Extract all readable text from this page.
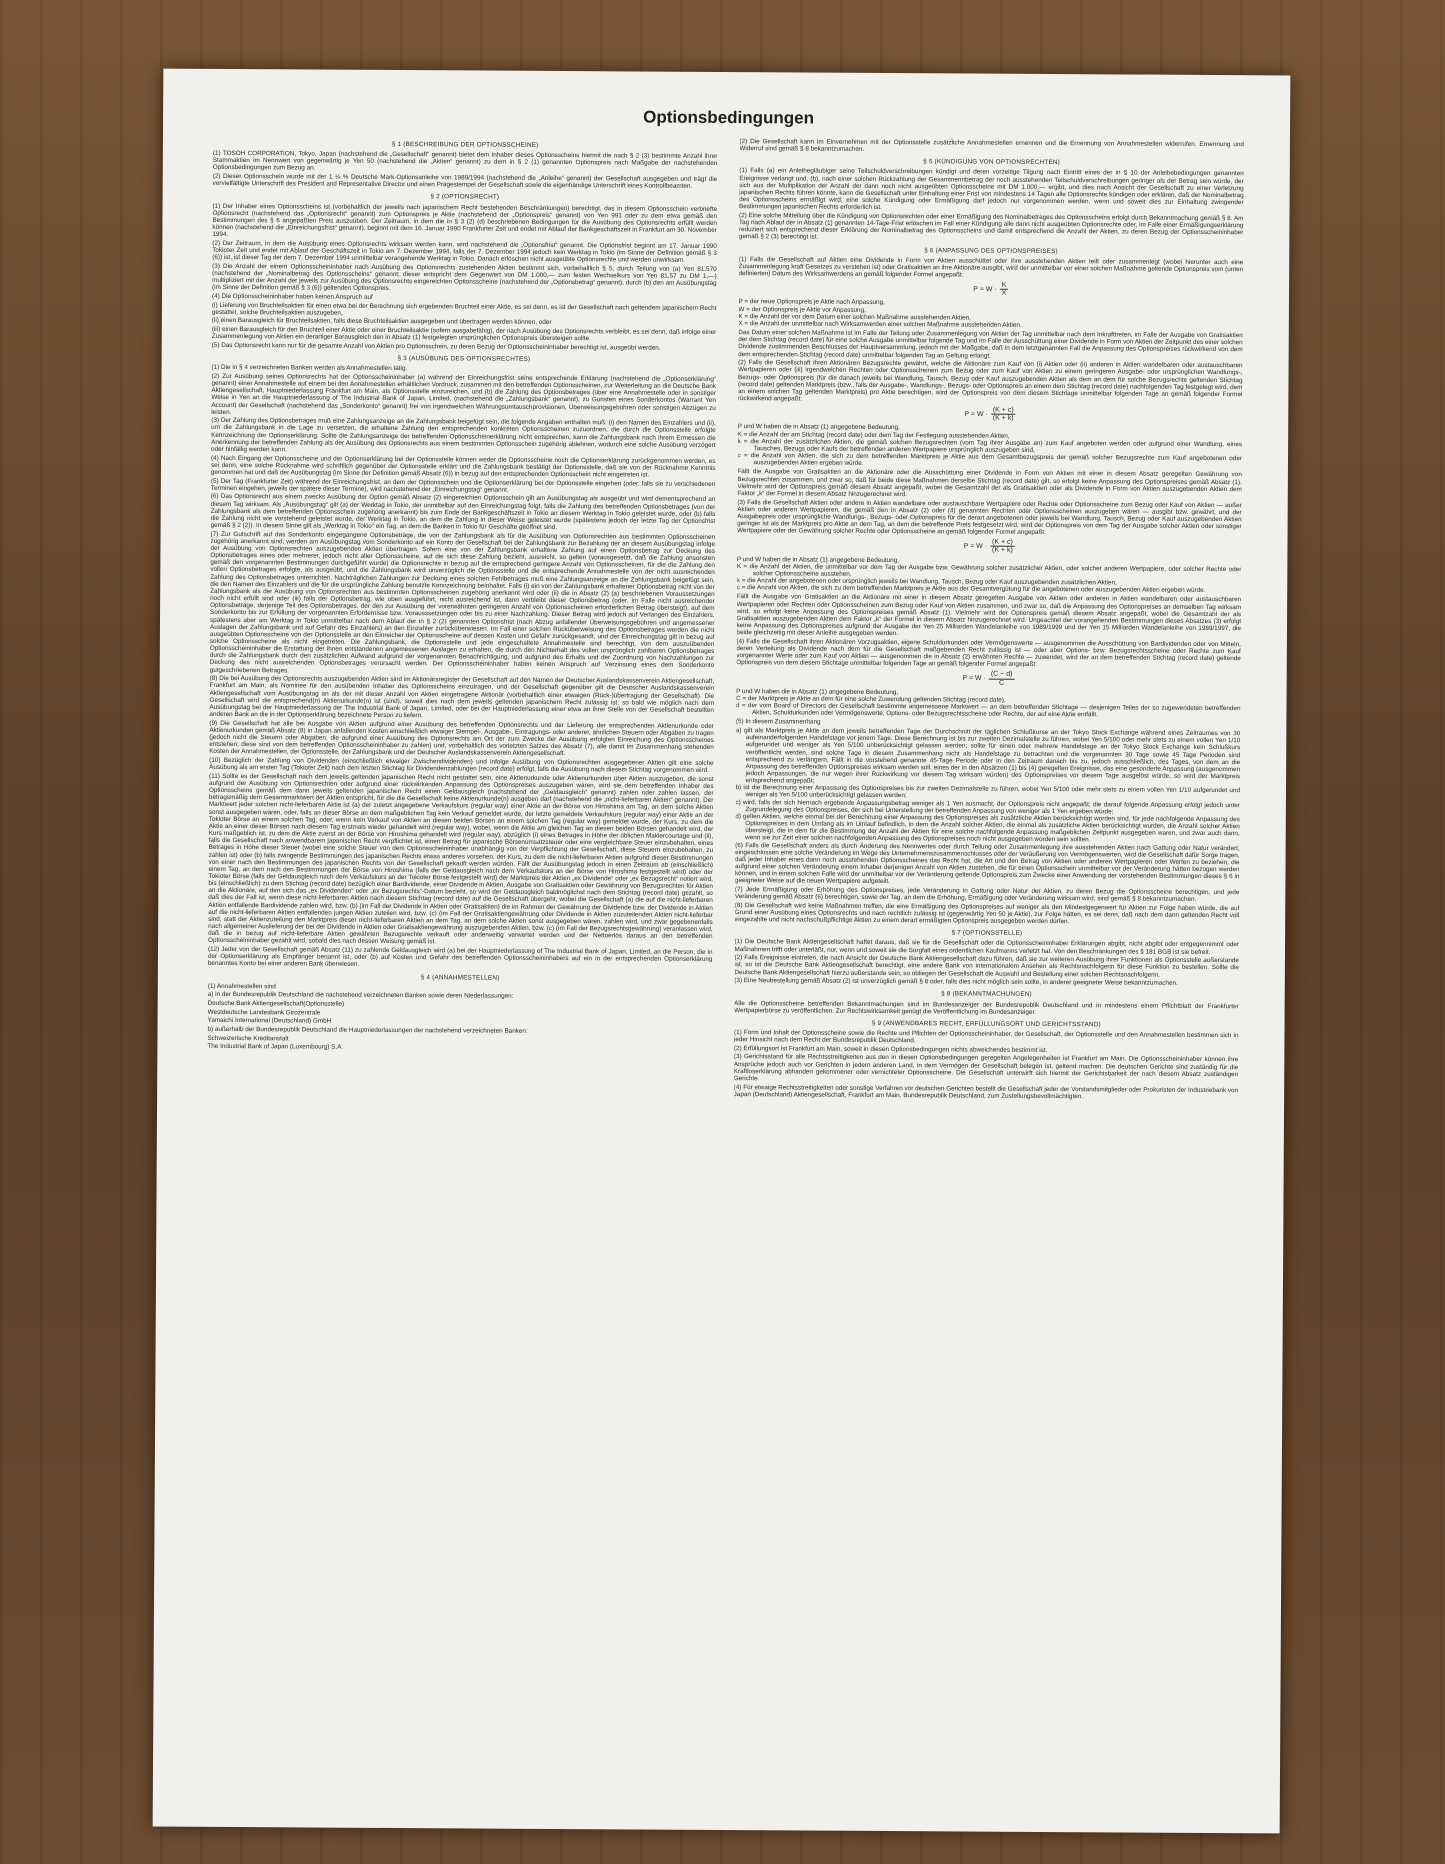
Optionsbedingungen
§ 1 (BESCHREIBUNG DER OPTIONSSCHEINE)
(1) TOSOH CORPORATION, Tokyo, Japan (nachstehend die „Gesellschaft“ genannt) bietet dem Inhaber dieses Optionsscheins hiermit die nach § 2 (3) bestimmte Anzahl ihrer Stammaktien im Nennwert von gegenwärtig je Yen 50 (nachstehend die „Aktien“ genannt) zu dem in § 2 (1) genannten Optionspreis nach Maßgabe der nachstehenden Optionsbedingungen zum Bezug an.
(2) Dieser Optionsschein wurde mit der 1 ⅛ % Deutsche Mark-Optionsanleihe von 1989/1994 (nachstehend die „Anleihe“ genannt) der Gesellschaft ausgegeben und trägt die vervielfältigte Unterschrift des President and Representative Director und einen Prägestempel der Gesellschaft sowie die eigenhändige Unterschrift eines Kontrollbeamten.
§ 2 (OPTIONSRECHT)
(1) Der Inhaber eines Optionsscheins ist (vorbehaltlich der jeweils nach japanischem Recht bestehenden Beschränkungen) berechtigt, das in diesem Optionsschein verbriefte Optionsrecht (nachstehend das „Optionsrecht“ genannt) zum Optionspreis je Aktie (nachstehend der „Optionspreis“ genannt) von Yen 991 oder zu dem etwa gemäß den Bestimmungen des § 6 angepaßten Preis auszuüben. Der Zeitraum, in dem die in § 3 (2) (d) beschriebenen Bedingungen für die Ausübung des Optionsrechts erfüllt werden können (nachstehend die „Einreichungsfrist“ genannt), beginnt mit dem 16. Januar 1990 Frankfurter Zeit und endet mit Ablauf der Bankgeschäftszeit in Frankfurt am 30. November 1994.
(2) Der Zeitraum, in dem die Ausübung eines Optionsrechts wirksam werden kann, wird nachstehend die „Optionsfrist“ genannt. Die Optionsfrist beginnt am 17. Januar 1990 Tokioter Zeit und endet mit Ablauf der Geschäftszeit in Tokio am 7. Dezember 1994, falls der 7. Dezember 1994 jedoch kein Werktag in Tokio (im Sinne der Definition gemäß § 3 (6)) ist, ist dieser Tag der dem 7. Dezember 1994 unmittelbar vorangehende Werktag in Tokio. Danach erlöschen nicht ausgeübte Optionsrechte und werden unwirksam.
(3) Die Anzahl der einem Optionsscheininhaber nach Ausübung des Optionsrechts zustehenden Aktien bestimmt sich, vorbehaltlich § 5, durch Teilung von (a) Yen 81.570 (nachstehend der „Nominalbetrag des Optionsscheins“ genannt; dieser entspricht dem Gegenwert von DM 1.000,— zum festen Wechselkurs von Yen 81,57 zu DM 1,—) multipliziert mit der Anzahl der jeweils zur Ausübung des Optionsrechts eingereichten Optionsscheine (nachstehend der „Optionsbetrag“ genannt), durch (b) den am Ausübungstag (im Sinne der Definition gemäß § 3 (6)) geltenden Optionspreis.
(4) Die Optionsscheininhaber haben keinen Anspruch auf
(i) Lieferung von Bruchteilsaktien für einen etwa bei der Berechnung sich ergebenden Bruchteil einer Aktie, es sei denn, es ist der Gesellschaft nach geltendem japanischem Recht gestattet, solche Bruchteilsaktien auszugeben,
(ii) einen Barausgleich für Bruchteilsaktien, falls diese Bruchteilsaktien ausgegeben und übertragen werden können, oder
(iii) einen Barausgleich für den Bruchteil einer Aktie oder einer Bruchteilsaktie (sofern ausgabefähig), der nach Ausübung des Optionsrechts verbleibt, es sei denn, daß infolge einer Zusammenlegung von Aktien ein derartiger Barausgleich den in Absatz (1) festgelegten ursprünglichen Optionspreis übersteigen sollte.
(5) Das Optionsrecht kann nur für die gesamte Anzahl von Aktien pro Optionsschein, zu deren Bezug der Optionsscheininhaber berechtigt ist, ausgeübt werden.
§ 3 (AUSÜBUNG DES OPTIONSRECHTES)
(1) Die in § 4 verzeichneten Banken werden als Annahmestellen tätig.
(2) Zur Ausübung seines Optionsrechts hat der Optionsscheininhaber (a) während der Einreichungsfrist seine entsprechende Erklärung (nachstehend die „Optionserklärung“ genannt) einer Annahmestelle auf einem bei den Annahmestellen erhältlichen Vordruck, zusammen mit den betreffenden Optionsscheinen, zur Weiterleitung an die Deutsche Bank Aktiengesellschaft, Hauptniederlassung Frankfurt am Main, als Optionsstelle einzureichen, und (b) die Zahlung des Optionsbetrages (über eine Annahmestelle oder in sonstiger Weise in Yen an die Hauptniederlassung of The Industrial Bank of Japan, Limited, (nachstehend die „Zahlungsbank“ genannt), zu Gunsten eines Sonderkontos (Warrant Yen Account) der Gesellschaft (nachstehend das „Sonderkonto“ genannt) frei von irgendwelchen Währungsumtauschprovisionen, Überweisungsgebühren oder sonstigen Abzügen zu leisten.
(3) Der Zahlung des Optionsbetrages muß eine Zahlungsanzeige an die Zahlungsbank beigefügt sein, die folgende Angaben enthalten muß: (i) den Namen des Einzahlers und (ii), um die Zahlungsbank in die Lage zu versetzen, die erhaltene Zahlung den entsprechenden konkreten Optionsscheinen zuzuordnen, die durch die Optionsstelle erfolgte Kennzeichnung der Optionserklärung. Sollte die Zahlungsanzeige der betreffenden Optionsscheinerklärung nicht entsprechen, kann die Zahlungsbank nach ihrem Ermessen die Anerkennung der betreffenden Zahlung als der Ausübung des Optionsrechts aus einem bestimmten Optionsschein zugehörig ablehnen, wodurch eine solche Ausübung verzögert oder hinfällig werden kann.
(4) Nach Eingang der Optionsscheine und der Optionserklärung bei der Optionsstelle können weder die Optionsscheine noch die Optionserklärung zurückgenommen werden, es sei denn, eine solche Rücknahme wird schriftlich gegenüber der Optionsstelle erklärt und die Zahlungsbank bestätigt der Optionsstelle, daß sie von der Rücknahme Kenntnis genommen hat und daß der Ausübungstag (im Sinne der Definition gemäß Absatz (6)) in bezug auf den entsprechenden Optionsschein nicht eingetreten ist.
(5) Der Tag (Frankfurter Zeit) während der Einreichungsfrist, an dem der Optionsschein und die Optionserklärung bei der Optionsstelle eingehen (oder, falls sie zu verschiedenen Terminen eingehen, jeweils der spätere dieser Termine), wird nachstehend der „Einreichungstag“ genannt.
(6) Das Optionsrecht aus einem zwecks Ausübung der Option gemäß Absatz (2) eingereichten Optionsschein gilt am Ausübungstag als ausgeübt und wird dementsprechend an diesem Tag wirksam. Als „Ausübungstag“ gilt (a) der Werktag in Tokio, der unmittelbar auf den Einreichungstag folgt, falls die Zahlung des betreffenden Optionsbetrages (von der Zahlungsbank als dem betreffenden Optionsschein zugehörig anerkannt) bis zum Ende der Bankgeschäftszeit in Tokio an diesem Werktag in Tokio geleistet wurde, oder (b) falls die Zahlung nicht wie vorstehend geleistet wurde, der Werktag in Tokio, an dem die Zahlung in dieser Weise geleistet wurde (spätestens jedoch der letzte Tag der Optionsfrist gemäß § 2 (2)). In diesem Sinne gilt als „Werktag in Tokio“ ein Tag, an dem die Banken in Tokio für Geschäfte geöffnet sind.
(7) Zur Gutschrift auf das Sonderkonto eingegangene Optionsbeträge, die von der Zahlungsbank als für die Ausübung von Optionsrechten aus bestimmten Optionsscheinen zugehörig anerkannt sind, werden am Ausübungstag vom Sonderkonto auf ein Konto der Gesellschaft bei der Zahlungsbank zur Bezahlung der an diesem Ausübungstag infolge der Ausübung von Optionsrechten auszugebenden Aktien übertragen. Sofern eine von der Zahlungsbank erhaltene Zahlung auf einen Optionsbetrag zur Deckung des Optionsbetrages eines oder mehrerer, jedoch nicht aller Optionsscheine, auf die sich diese Zahlung bezieht, ausreicht, so gelten (vorausgesetzt, daß die Zahlung ansonsten gemäß den vorgenannten Bestimmungen durchgeführt wurde) die Optionsrechte in bezug auf die entsprechend geringere Anzahl von Optionsscheinen, für die die Zahlung den vollen Optionsbetrages erfolgte, als ausgeübt, und die Zahlungsbank wird unverzüglich die Optionsstelle und die entsprechende Annahmestelle von der nicht ausreichenden Zahlung des Optionsbetrages unterrichten. Nachträglichen Zahlungen zur Deckung eines solchen Fehlbetrages muß eine Zahlungsanzeige an die Zahlungsbank beigefügt sein, die den Namen des Einzahlers und die für die ursprüngliche Zahlung benutzte Kennzeichnung beinhaltet. Falls (i) ein von der Zahlungsbank erhaltener Optionsbetrag nicht von der Zahlungsbank als der Ausübung von Optionsrechten aus bestimmten Optionsscheinen zugehörig anerkannt wird oder (ii) die in Absatz (2) (a) beschriebenen Voraussetzungen noch nicht erfüllt sind oder (iii) falls der Optionsbetrag, wie oben ausgeführt, nicht ausreichend ist, dann verbleibt dieser Optionsbetrag (oder, im Falle nicht ausreichender Optionsbeträge, derjenige Teil des Optionsbetrages, der den zur Ausübung der vorerwähnten geringeren Anzahl von Optionsscheinen erforderlichen Betrag übersteigt), auf dem Sonderkonto bis zur Erfüllung der vorgenannten Erfordernisse bzw. Vorausssetzungen oder bis zu einer Nachzahlung. Dieser Betrag wird jedoch auf Verlangen des Einzahlers, spätestens aber am Werktag in Tokio unmittelbar nach dem Ablauf der in § 2 (2) genannten Optionsfrist (nach Abzug anfallender Überweisungsgebühren und angemessener Auslagen der Zahlungsbank und auf Gefahr des Einzahlers) an den Einzahler zurücküberwiesen. Im Fall einer solchen Rücküberweisung des Optionsbetrages werden die nicht ausgeübten Optionsscheine von der Optionsstelle an den Einreicher der Optionsscheine auf dessen Kosten und Gefahr zurückgesandt, und der Einreichungstag gilt in bezug auf solche Optionsscheine als nicht eingetreten. Die Zahlungsbank, die Optionsstelle und jede eingeschaltete Annahmestelle sind berechtigt, von dem auszuübenden Optionsscheininhaber die Erstattung der ihnen entstandenen angemessenen Auslagen zu erhalten, die durch den Nichterhalt des vollen ursprünglich zahlbaren Optionsbetrages durch die Zahlungsbank durch den zusätzlichen Aufwand aufgrund der vorgenannten Benachrichtigung, und aufgrund des Erhalts und der Zuordnung von Nachzahlungen zur Deckung des nicht ausreichenden Optionsbetrages verursacht werden. Der Optionsscheininhaber haben keinen Anspruch auf Verzinsung eines dem Sonderkonto gutgeschriebenen Betrages.
(8) Die bei Ausübung des Optionsrechts auszugebenden Aktien sind im Aktionärsregister der Gesellschaft auf den Namen der Deutscher Auslandskassenverein Aktiengesellschaft, Frankfurt am Main, als Nominee für den ausübenden Inhaber des Optionsscheins einzutragen, und der Gesellschaft gegenüber gilt die Deutscher Auslandskassenverein Aktiengesellschaft vom Ausübungstag an als der mit dieser Anzahl von Aktien eingetragene Aktionär (vorbehaltlich einer etwaigen (Rück-)übertragung der Gesellschaft). Die Gesellschaft wird die entsprechend(n) Aktienurkunde(n) ist (sind), soweit dies nach dem jeweils geltenden japanischem Recht zulässig ist, so bald wie möglich nach dem Ausübungstag bei der Hauptniederlassung der The Industrial Bank of Japan, Limited, oder bei der Hauptniederlassung einer etwa an ihrer Stelle von der Gesellschaft bestellten anderen Bank an die in der Optionserklärung bezeichnete Person zu liefern.
(9) Die Gesellschaft hat alle bei Ausgabe von Aktien aufgrund einer Ausübung des betreffenden Optionsrechts und der Lieferung der entsprechenden Aktienurkunde oder Aktienurkunden gemäß Absatz (8) in Japan anfallenden Kosten einschließlich etwaiger Stempel-, Ausgabe-, Eintragungs- oder anderer, ähnlichen Steuern oder Abgaben zu tragen (jedoch nicht die Steuern oder Abgaben, die aufgrund einer Ausübung des Optionsrechts am Ort der zum Zwecke der Ausübung erfolgten Einreichung des Optionsscheines entstehen; diese sind von dem betreffenden Optionsscheininhaber zu zahlen) und, vorbehaltlich des vorletzten Satzes des Absatz (7), alle damit im Zusammenhang stehenden Kosten der Annahmestellen, der Optionsstelle, der Zahlungsbank und der Deutscher Auslandskassenverein Aktiengesellschaft.
(10) Bezüglich der Zahlung von Dividenden (einschließlich etwaiger Zwischendividenden) und infolge Ausübung von Optionsrechten ausgegebener Aktien gilt eine solche Ausübung als am ersten Tag (Tokioter Zeit) nach dem letzten Stichtag für Dividendenzahlungen (record date) erfolgt, falls die Ausübung nach diesem Stichtag vorgenommen wird.
(11) Sollte es der Gesellschaft nach dem jeweils geltenden japanischen Recht nicht gestattet sein, eine Aktienurkunde oder Aktienurkunden über Aktien auszugeben, die sonst aufgrund der Ausübung von Optionsrechten oder aufgrund einer rückwirkenden Anpassung des Optionspreises auszugeben wären, wird sie dem betreffenden Inhaber des Optionsscheins gemäß dem dann jeweils geltenden japanischen Recht einen Geldausgleich (nachstehend der „Geldausgleich“ genannt) zahlen oder zahlen lassen, der betragsmäßig dem Gesamtmarktwert der Aktien entspricht, für die die Gesellschaft keine Aktienurkunde(n) ausgeben darf (nachstehend die „nicht-lieferbaren Aktien“ genannt). Der Marktwert jeder solchen nicht-lieferbaren Aktie ist (a) der zuletzt angegebene Verkaufskurs (regular way) einer Aktie an der Börse von Hiroshima am Tag, an dem solche Aktien sonst ausgegeben wären, oder, falls an dieser Börse an dem maßgeblichen Tag kein Verkauf gemeldet wurde, der letzte gemeldete Verkaufskurs (regular way) einer Aktie an der Tokioter Börse an einem solchen Tag, oder, wenn kein Verkauf von Aktien an diesen beiden Börsen an einem solchen Tag (regular way) gemeldet wurde, der Kurs, zu dem die Aktie an einer dieser Börsen nach diesem Tag erstmals wieder gehandelt wird (regular way), wobei, wenn die Aktie am gleichen Tag an diesen beiden Börsen gehandelt wird, der Kurs maßgeblich ist, zu dem die Aktie zuerst an der Börse von Hiroshima gehandelt wird (regular way), abzüglich (i) eines Betrages in Höhe der üblichen Maklercourtage und (ii), falls die Gesellschaft nach anwendbarem japanischen Recht verpflichtet ist, einen Betrag für japanische Börsenumsatzsteuer oder eine vergleichbare Steuer einzubehalten, eines Betrages in Höhe dieser Steuer (wobei eine solche Steuer von dem Optionsscheininhaber unabhängig von der Verpflichtung der Gesellschaft, diese Steuern einzubehalten, zu zahlen ist) oder (b) falls zwingende Bestimmungen des japanischen Rechts etwas anderes vorsehen, der Kurs, zu dem die nicht-lieferbaren Aktien aufgrund dieser Bestimmungen von einer nach den Bestimmungen des japanischen Rechts von der Gesellschaft gekauft werden würden. Fällt der Ausübungstag jedoch in einen Zeitraum ab (einschließlich) einem Tag, an dem nach den Bestimmungen der Börse von Hiroshima (falls der Geldausgleich nach dem Verkaufskurs an der Börse von Hiroshima festgestellt wird) oder der Tokioter Börse (falls der Geldausgleich nach dem Verkaufskurs an der Tokioter Börse festgestellt wird) der Marktpreis der Aktien „ex Dividende“ oder „ex Bezugsrecht“ notiert wird, bis (einschließlich) zu dem Stichtag (record date) bezüglich einer Bardividende, einer Dividende in Aktien, Ausgabe von Gratisaktien oder Gewährung von Bezugsrechten für Aktien an die Aktionäre, auf den sich das „ex Dividenden“ oder „ex Bezugsrechts“-Datum bezieht, so wird der Geldausgleich baldmöglichst nach dem Stichtag (record date) gezahlt, so daß dies der Fall ist, wenn diese nicht-lieferbaren Aktien nach diesem Stichtag (record date) auf die Gesellschaft übergeht, wobei die Gesellschaft (a) die auf die nicht-lieferbaren Aktien entfallende Bardividende zahlen wird, bzw. (b) (im Fall der Dividende in Aktien oder Gratisaktien) die im Rahmen der Gewährung der Dividende bzw. der Dividende in Aktien auf die nicht-lieferbaren Aktien entfallenden jungen Aktien zuteilen wird, bzw. (c) (im Fall der Gratisaktiengewährung oder Dividende in Aktien zuzuteilenden Aktien nicht-lieferbar sind, statt der Aktienzuteilung den Marktpreis dieser nicht-lieferbaren Aktien an dem Tag, an dem solche Aktien sonst ausgegeben wären, zahlen wird, und zwar gegebenenfalls nach allgemeiner Auslieferung der bei der Dividende in Aktien oder Gratisaktiengewährung auszugebenden Aktien, bzw. (c) (im Fall der Bezugsrechtsgewährung) veranlassen wird, daß die in bezug auf nicht-lieferbare Aktien gewährten Bezugsrechte verkauft oder anderweitig verwertet werden und der Nettoerlös daraus an den betreffenden Optionsscheininhaber gezahlt wird, sobald dies nach dessen Weisung gemäß ist.
(12) Jeder von der Gesellschaft gemäß Absatz (11) zu zahlende Geldausgleich wird (a) bei der Hauptniederlassung of The Industrial Bank of Japan, Limited, an die Person, die in der Optionserklärung als Empfänger benannt ist, oder (b) auf Kosten und Gefahr des betreffenden Optionsscheininhabers auf ein in der entsprechenden Optionserklärung benanntes Konto bei einer anderen Bank überwiesen.
§ 4 (ANNAHMESTELLEN)
(1) Annahmestellen sind
a) in der Bundesrepublik Deutschland die nachstehend verzeichneten Banken sowie deren Niederlassungen:
Deutsche Bank Aktiengesellschaft(Optionsstelle)
Westdeutsche Landesbank Girozentrale
Yamaichi International (Deutschland) GmbH
b) außerhalb der Bundesrepublik Deutschland die Hauptniederlassungen der nachstehend verzeichneten Banken:
Schweizerische Kreditanstalt
The Industrial Bank of Japan (Luxembourg) S.A.
(2) Die Gesellschaft kann im Einvernehmen mit der Optionsstelle zusätzliche Annahmestellen ernennen und die Ernennung von Annahmestellen widerrufen. Ernennung und Widerruf sind gemäß § 8 bekanntzumachen.
§ 5 (KÜNDIGUNG VON OPTIONSRECHTEN)
(1) Falls (a) ein Anleihegläubiger seine Teilschuldverschreibungen kündigt und deren vorzeitige Tilgung nach Eintritt eines der in § 10 der Anleihebedingungen genannten Ereignisse verlangt und, (b), nach einer solchen Rückzahlung der Gesamtnennbetrag der noch ausstehenden Teilschuldverschreibungen geringer als der Betrag sein würde, der sich aus der Multiplikation der Anzahl der dann noch nicht ausgeübten Optionsscheine mit DM 1.000,— ergibt, und dies nach Ansicht der Gesellschaft zu einer Verletzung japanischen Rechts führen könnte, kann die Gesellschaft unter Einhaltung einer Frist von mindestens 14 Tagen alle Optionsrechte kündigen oder erklären, daß der Nominalbetrag des Optionsscheins ermäßigt wird; eine solche Kündigung oder Ermäßigung darf jedoch nur vorgenommen werden, wenn und soweit dies zur Einhaltung zwingender Bestimmungen japanischen Rechts erforderlich ist.
(2) Eine solche Mitteilung über die Kündigung von Optionsrechten oder einer Ermäßigung des Nominalbetrages des Optionsscheins erfolgt durch Bekanntmachung gemäß § 8. Am Tag nach Ablauf der in Absatz (1) genannten 14-Tage-Frist erlöschen im Fall einer Kündigung alle dann nicht ausgeübten Optionsrechte oder, im Falle einer Ermäßigungserklärung reduziert sich entsprechend dieser Erklärung der Nominalbetrag des Optionsscheins und damit entsprechend die Anzahl der Aktien, zu deren Bezug der Optionsscheininhaber gemäß § 2 (3) berechtigt ist.
§ 6 (ANPASSUNG DES OPTIONSPREISES)
(1) Falls die Gesellschaft auf Aktien eine Dividende in Form von Aktien ausschüttet oder ihre ausstehenden Aktien teilt oder zusammenlegt (wobei hierunter auch eine Zusammenlegung kraft Gesetzes zu verstehen ist) oder Gratisaktien an ihre Aktionäre ausgibt, wird der unmittelbar vor einer solchen Maßnahme geltende Optionspreis vom (unten definierten) Datum des Wirksamwerdens an gemäß folgender Formel angepaßt:
$P = W \cdot \frac{K}{X}$
P = der neue Optionspreis je Aktie nach Anpassung,
W = der Optionspreis je Aktie vor Anpassung,
K = die Anzahl der vor dem Datum einer solchen Maßnahme ausstehenden Aktien,
X = die Anzahl der unmittelbar nach Wirksamwerden einer solchen Maßnahme ausstehenden Aktien.
Das Datum einer solchen Maßnahme ist im Falle der Teilung oder Zusammenlegung von Aktien der Tag unmittelbar nach dem Inkrafttreten, im Falle der Ausgabe von Gratisaktien der dem Stichtag (record date) für eine solche Ausgabe unmittelbar folgende Tag und im Falle der Ausschüttung einer Dividende in Form von Aktien der Zeitpunkt des einer solchen Dividende zustimmenden Beschlusses der Hauptversammlung, jedoch mit der Maßgabe, daß in dem letztgenannten Fall die Anpassung des Optionspreises rückwirkend von dem dem entsprechenden Stichtag (record date) unmittelbar folgenden Tag an Geltung erlangt.
(2) Falls die Gesellschaft ihren Aktionären Bezugsrechte gewährt, welche die Aktionäre zum Kauf von (i) Aktien oder (ii) anderen in Aktien wandelbaren oder austauschbaren Wertpapieren oder (iii) irgendwelchen Rechten oder Optionsscheinen zum Bezug oder zum Kauf von Aktien zu einem geringeren Ausgabe- oder ursprünglichen Wandlungs-, Bezugs- oder Optionspreis (für die danach jeweils bei Wandlung, Tausch, Bezug oder Kauf auszugebenden Aktien als dem an dem für solche Bezugsrechte geltenden Stichtag (record date) geltenden Marktpreis (bzw., falls der Ausgabe-, Wandlungs-, Bezugs- oder Optionspreis an einem dem Stichtag (record date) nachfolgenden Tag festgelegt wird, dem an einem solchen Tag geltenden Marktpreis) pro Aktie berechtigen, wird der Optionspreis von dem diesem Stichtage unmittelbar folgenden Tage an gemäß folgender Formel rückwirkend angepaßt:
$P = W \cdot \frac{(K + c)}{(K + k)}$
P und W haben die in Absatz (1) angegebene Bedeutung,
K = die Anzahl der am Stichtag (record date) oder dem Tag der Festlegung ausstehenden Aktien,
k = die Anzahl der zusätzlichen Aktien, die gemäß solchen Bezugsrechten (vom Tag ihrer Ausgabe an) zum Kauf angeboten werden oder aufgrund einer Wandlung, eines Tausches, Bezugs oder Kaufs der betreffenden anderen Wertpapiere ursprünglich auszugeben sind,
c = die Anzahl von Aktien, die sich zu dem betreffenden Marktpreis je Aktie aus dem Gesamtbezugspreis der gemäß solcher Bezugsrechte zum Kauf angebotenen oder auszugebenden Aktien ergeben würde.
Fällt die Ausgabe von Gratisaktien an die Aktionäre oder die Ausschüttung einer Dividende in Form von Aktien mit einer in diesem Absatz geregelten Gewährung von Bezugsrechten zusammen, und zwar so, daß für beide diese Maßnahmen derselbe Stichtag (record date) gilt, so erfolgt keine Anpassung des Optionspreises gemäß Absatz (1). Vielmehr wird der Optionspreis gemäß diesem Absatz angepaßt, wobei die Gesamtzahl der als Gratisaktien oder als Dividende in Form von Aktien auszugebenden Aktien dem Faktor „k“ der Formel in diesem Absatz hinzugerechnet wird.
(3) Falls die Gesellschaft Aktien oder andere in Aktien wandelbare oder austauschbare Wertpapiere oder Rechte oder Optionsscheine zum Bezug oder Kauf von Aktien — außer Aktien oder anderen Wertpapieren, die gemäß den in Absatz (2) oder (4) genannten Rechten oder Optionsscheinen auszugeben wären — ausgibt bzw. gewährt, und der Ausgabepreis oder ursprüngliche Wandlungs-, Bezugs- oder Optionspreis für die derart angebotenen oder jeweils bei Wandlung, Tausch, Bezug oder Kauf auszugebenden Aktien geringer ist als der Marktpreis pro Aktie an dem Tag, an dem der betreffende Preis festgesetzt wird, wird der Optionspreis von dem Tag der Ausgabe solcher Aktien oder sonstiger Wertpapiere oder der Gewährung solcher Rechte oder Optionsscheine an gemäß folgender Formel angepaßt:
$P = W \cdot \frac{(K + c)}{(K + k)}$
P und W haben die in Absatz (1) angegebene Bedeutung,
K = die Anzahl der Aktien, die unmittelbar vor dem Tag der Ausgabe bzw. Gewährung solcher zusätzlicher Aktien, oder solcher anderen Wertpapiere, oder solcher Rechte oder solcher Optionsscheine ausstehen,
k = die Anzahl der angebotenen oder ursprünglich jeweils bei Wandlung, Tausch, Bezug oder Kauf auszugebenden zusätzlichen Aktien,
c = die Anzahl von Aktien, die sich zu dem betreffenden Marktpreis je Aktie aus der Gesamtvergütung für die angebotenen oder auszugebenden Aktien ergeben würde.
Fällt die Ausgabe von Gratisaktien an die Aktionäre mit einer in diesem Absatz geregelten Ausgabe von Aktien oder anderen in Aktien wandelbaren oder austauschbaren Wertpapieren oder Rechten oder Optionsscheinen zum Bezug oder Kauf von Aktien zusammen, und zwar so, daß die Anpassung des Optionspreises an demselben Tag wirksam wird, so erfolgt keine Anpassung des Optionspreises gemäß Absatz (1). Vielmehr wird der Optionspreis gemäß diesem Absatz angepaßt, wobei die Gesamtzahl der als Gratisaktien auszugebenden Aktien dem Faktor „k“ der Formel in diesem Absatz hinzugerechnet wird. Ungeachtet der vorangehenden Bestimmungen dieses Absatzes (3) erfolgt keine Anpassung des Optionspreises aufgrund der Ausgabe der Yen 25 Milliarden Wandelanleihe von 1989/1999 und der Yen 15 Milliarden Wandelanleihe von 1989/1997, die beide gleichzeitig mit dieser Anleihe ausgegeben werden.
(4) Falls die Gesellschaft ihren Aktionären Vorzugsaktien, eigene Schuldurkunden oder Vermögenswerte — ausgenommen die Ausschüttung von Bardividenden oder von Mitteln, deren Verteilung als Dividende nach dem für die Gesellschaft maßgebenden Recht zulässig ist — oder aber Options- bzw. Bezugsrechtsscheine oder Rechte zum Kauf vorgenannter Werte oder zum Kauf von Aktien — ausgenommen die in Absatz (2) erwähnten Rechte — zuwendet, wird der an dem betreffenden Stichtag (record date) geltende Optionspreis von dem diesem Stichtage unmittelbar folgenden Tage an gemäß folgender Formel angepaßt:
$P = W \cdot \frac{(C - d)}{C}$
P und W haben die in Absatz (1) angegebene Bedeutung,
C = der Marktpreis je Aktie an dem für eine solche Zuwendung geltenden Stichtag (record date),
d = der vom Board of Directors der Gesellschaft bestimmte angemessene Marktwert — an dem betreffenden Stichtage — desjenigen Teiles der so zugewendeten betreffenden Aktien, Schuldurkunden oder Vermögenswerte, Options- oder Bezugsrechtsscheine oder Rechte, der auf eine Aktie entfällt.
(5) In diesem Zusammenhang
a) gilt als Marktpreis je Aktie an dem jeweils betreffenden Tage der Durchschnitt der täglichen Schlußkurse an der Tokyo Stock Exchange während eines Zeitraumes von 30 aufeinanderfolgenden Handelstage vor jenem Tage. Diese Berechnung ist bis zur zweiten Dezimalstelle zu führen, wobei Yen 5/100 oder mehr stets zu einem vollen Yen 1/10 aufgerundet und weniger als Yen 5/100 unberücksichtigt gelassen werden; sollte für einen oder mehrere Handelstage an der Tokyo Stock Exchange kein Schlußkurs veröffentlicht werden, sind solche Tage in diesem Zusammenhang nicht als Handelstage zu betrachten und die vorgenannten 30 Tage sowie 45 Tage Perioden sind entsprechend zu verlängern. Fällt in die vorstehend genannte 45-Tage Periode oder in den Zeitraum danach bis zu, jedoch ausschließlich, des Tages, von dem an die Anpassung des betreffenden Optionspreises wirksam werden soll, eines der in den Absätzen (1) bis (4) geregelten Ereignisse, das eine gesonderte Anpassung (ausgenommen jedoch Anpassungen, die nur wegen ihrer Rückwirkung vor diesem Tag wirksam würden) des Optionspreises vor diesem Tage ausgelöst würde, so wird der Marktpreis entsprechend angepaßt;
b) ist die Berechnung einer Anpassung des Optionspreises bis zur zweiten Dezimalstelle zu führen, wobei Yen 5/100 oder mehr stets zu einem vollen Yen 1/10 aufgerundet und weniger als Yen 5/100 unberücksichtigt gelassen werden;
c) wird, falls der sich hiernach ergebende Anpassungsbetrag weniger als 1 Yen ausmacht, der Optionspreis nicht angepaßt; die darauf folgende Anpassung erfolgt jedoch unter Zugrundelegung des Optionspreises, der sich bei Unterstellung der betreffenden Anpassung von weniger als 1 Yen ergeben würde;
d) gelten Aktien, welche einmal bei der Berechnung einer Anpassung des Optionspreises als zusätzliche Aktien berücksichtigt worden sind, für jede nachfolgende Anpassung des Optionspreises in dem Umfang als im Umlauf befindlich, in dem die Anzahl solcher Aktien, die einmal als zusätzliche Aktien berücksichtigt wurden, die Anzahl solcher Aktien übersteigt, die in dem für die Bestimmung der Anzahl der Aktien für eine solche nachfolgende Anpassung maßgeblichen Zeitpunkt ausgegeben waren, und zwar auch dann, wenn sie zur Zeit einer solchen nachfolgenden Anpassung des Optionspreises noch nicht ausgegeben worden sein sollten.
(6) Falls die Gesellschaft anders als durch Änderung des Nennwertes oder durch Teilung oder Zusammenlegung ihre ausstehenden Aktien nach Gattung oder Natur verändert, eingeschlossen eine solche Veränderung im Wege des Unternehmenszusammenschlusses oder der Veräußerung von Vermögenswerten, wird die Gesellschaft dafür Sorge tragen, daß jeder Inhaber eines dann noch ausstehenden Optionsscheines das Recht hat, die Art und den Betrag von Aktien oder anderen Wertpapieren oder Werten zu beziehen, die aufgrund einer solchen Veränderung einem Inhaber derjenigen Anzahl von Aktien zustehen, die für einen Optionsschein unmittelbar vor der Veränderung hätten bezogen werden können, und in einem solchen Falle wird der unmittelbar vor der Veränderung geltende Optionspreis zum Zwecke einer Anwendung der vorstehenden Bestimmungen dieses § 6 in geeigneter Weise auf die neuen Wertpapiere aufgeteilt.
(7) Jede Ermäßigung oder Erhöhung des Optionspreises, jede Veränderung in Gattung oder Natur der Aktien, zu deren Bezug die Optionsscheine berechtigen, und jede Veränderung gemäß Absatz (6) berechtigen, sowie der Tag, an dem die Erhöhung, Ermäßigung oder Veränderung wirksam wird, sind gemäß § 8 bekanntzumachen.
(8) Die Gesellschaft wird keine Maßnahmen treffen, die eine Ermäßigung des Optionspreises auf weniger als den Mindestgegenwert für Aktien zur Folge haben würde, die auf Grund einer Ausübung eines Optionsrechts und nach rechtlich zulässig ist (gegenwärtig Yen 50 je Aktie), zur Folge hätten, es sei denn, daß nach dem dann geltenden Recht voll eingezahlte und nicht nachschußpflichtige Aktien zu einem derart ermäßigten Optionspreis ausgegeben werden dürfen.
§ 7 (OPTIONSSTELLE)
(1) Die Deutsche Bank Aktiengesellschaft haftet daraus, daß sie für die Gesellschaft oder die Optionsscheininhaber Erklärungen abgibt, nicht abgibt oder entgegennimmt oder Maßnahmen trifft oder unterläßt, nur, wenn und soweit sie die Sorgfalt eines ordentlichen Kaufmanns verletzt hat. Von den Beschränkungen des § 181 BGB ist sie befreit.
(2) Falls Ereignisse eintreten, die nach Ansicht der Deutsche Bank Aktiengesellschaft dazu führen, daß sie zur weiteren Ausübung ihrer Funktionen als Optionsstelle außerstande ist, so ist die Deutsche Bank Aktiengesellschaft berechtigt, eine andere Bank von internationalem Ansehen als Rechtsnachfolgerin für diese Funktion zu bestellen. Sollte die Deutsche Bank Aktiengesellschaft hierzu außerstande sein, so obliegen der Gesellschaft die Auswahl und Bestellung einer solchen Rechtsnachfolgerin.
(3) Eine Neubestellung gemäß Absatz (2) ist unverzüglich gemäß § 8 oder, falls dies nicht möglich sein sollte, in anderer geeigneter Weise bekanntzumachen.
§ 8 (BEKANNTMACHUNGEN)
Alle die Optionsscheine betreffenden Bekanntmachungen sind im Bundesanzeiger der Bundesrepublik Deutschland und in mindestens einem Pflichtblatt der Frankfurter Wertpapierbörse zu veröffentlichen. Zur Rechtswirksamkeit genügt die Veröffentlichung im Bundesanzeiger.
§ 9 (ANWENDBARES RECHT, ERFÜLLUNGSORT UND GERICHTSSTAND)
(1) Form und Inhalt der Optionsscheine sowie die Rechte und Pflichten der Optionsscheininhaber, der Gesellschaft, der Optionsstelle und den Annahmestellen bestimmen sich in jeder Hinsicht nach dem Recht der Bundesrepublik Deutschland.
(2) Erfüllungsort ist Frankfurt am Main, soweit in diesen Optionsbedingungen nichts abweichendes bestimmt ist.
(3) Gerichtsstand für alle Rechtsstreitigkeiten aus den in diesen Optionsbedingungen geregelten Angelegenheiten ist Frankfurt am Main. Die Optionsscheininhaber können ihre Ansprüche jedoch auch vor Gerichten in jedem anderen Land, in dem Vermögen der Gesellschaft belegen ist, geltend machen. Die deutschen Gerichte sind zuständig für die Kraftloserklärung abhanden gekommener oder vernichteter Optionsscheine. Die Gesellschaft unterwirft sich hiermit der Gerichtsbarkeit der nach diesem Absatz zuständigen Gerichte.
(4) Für etwaige Rechtsstreitigkeiten oder sonstige Verfahren vor deutschen Gerichten bestellt die Gesellschaft jeder der Vorstandsmitglieder oder Prokuristen der Industriebank von Japan (Deutschland) Aktiengesellschaft, Frankfurt am Main, Bundesrepublik Deutschland, zum Zustellungsbevollmächtigten.
